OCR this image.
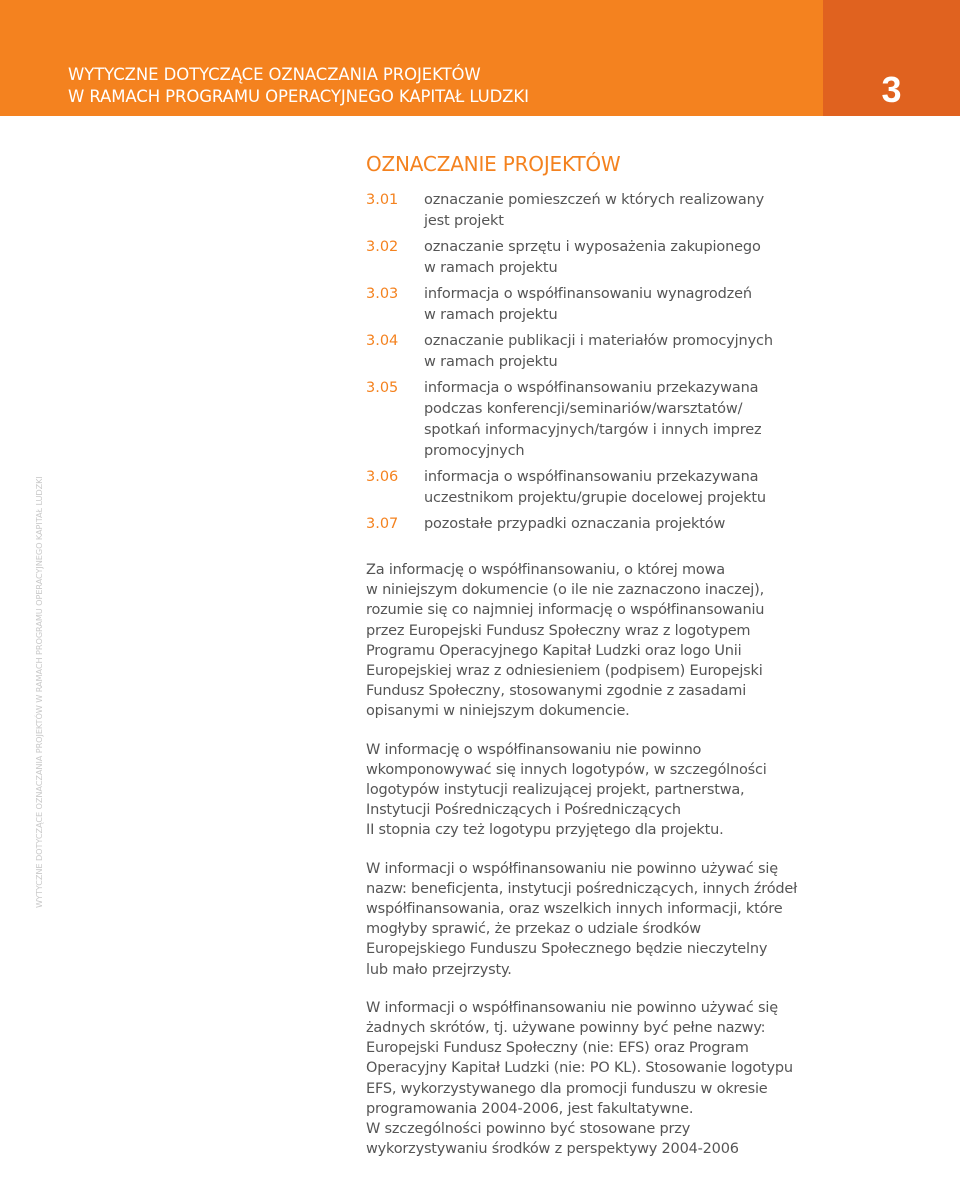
WYTYCZNE DOTYCZĄCE OZNACZANIA PROJEKTÓW
W RAMACH PROGRAMU OPERACYJNEGO KAPITAŁ LUDZKI	3
WYTYCZNE DOTYCZĄCE OZNACZANIA PROJEKTÓW W RAMACH PROGRAMU OPERACYJNEGO KAPITAŁ LUDZKI
OZNACZANIE PROJEKTÓW
3.01 oznaczanie pomieszczeń w których realizowany
jest projekt
3.02 oznaczanie sprzętu i wyposażenia zakupionego
w ramach projektu
3.03 informacja o współfinansowaniu wynagrodzeń
w ramach projektu
3.04 oznaczanie publikacji i materiałów promocyjnych
w ramach projektu
3.05 informacja o współfinansowaniu przekazywana
podczas konferencji/seminariów/warsztatów/
spotkań informacyjnych/targów i innych imprez
promocyjnych
3.06 informacja o współfinansowaniu przekazywana
uczestnikom projektu/grupie docelowej projektu
3.07 pozostałe przypadki oznaczania projektów

Za informację o współfinansowaniu, o której mowa
w niniejszym dokumencie (o ile nie zaznaczono inaczej),
rozumie się co najmniej informację o współfinansowaniu
przez Europejski Fundusz Społeczny wraz z logotypem
Programu Operacyjnego Kapitał Ludzki oraz logo Unii
Europejskiej wraz z odniesieniem (podpisem) Europejski
Fundusz Społeczny, stosowanymi zgodnie z zasadami
opisanymi w niniejszym dokumencie.

W informację o współfinansowaniu nie powinno
wkomponowywać się innych logotypów, w szczególności
logotypów instytucji realizującej projekt, partnerstwa,
Instytucji Pośredniczących i Pośredniczących
II stopnia czy też logotypu przyjętego dla projektu.

W informacji o współfinansowaniu nie powinno używać się
nazw: beneficjenta, instytucji pośredniczących, innych źródeł
współfinansowania, oraz wszelkich innych informacji, które
mogłyby sprawić, że przekaz o udziale środków
Europejskiego Funduszu Społecznego będzie nieczytelny
lub mało przejrzysty.

W informacji o współfinansowaniu nie powinno używać się
żadnych skrótów, tj. używane powinny być pełne nazwy:
Europejski Fundusz Społeczny (nie: EFS) oraz Program
Operacyjny Kapitał Ludzki (nie: PO KL). Stosowanie logotypu
EFS, wykorzystywanego dla promocji funduszu w okresie
programowania 2004-2006, jest fakultatywne.
W szczególności powinno być stosowane przy
wykorzystywaniu środków z perspektywy 2004-2006
